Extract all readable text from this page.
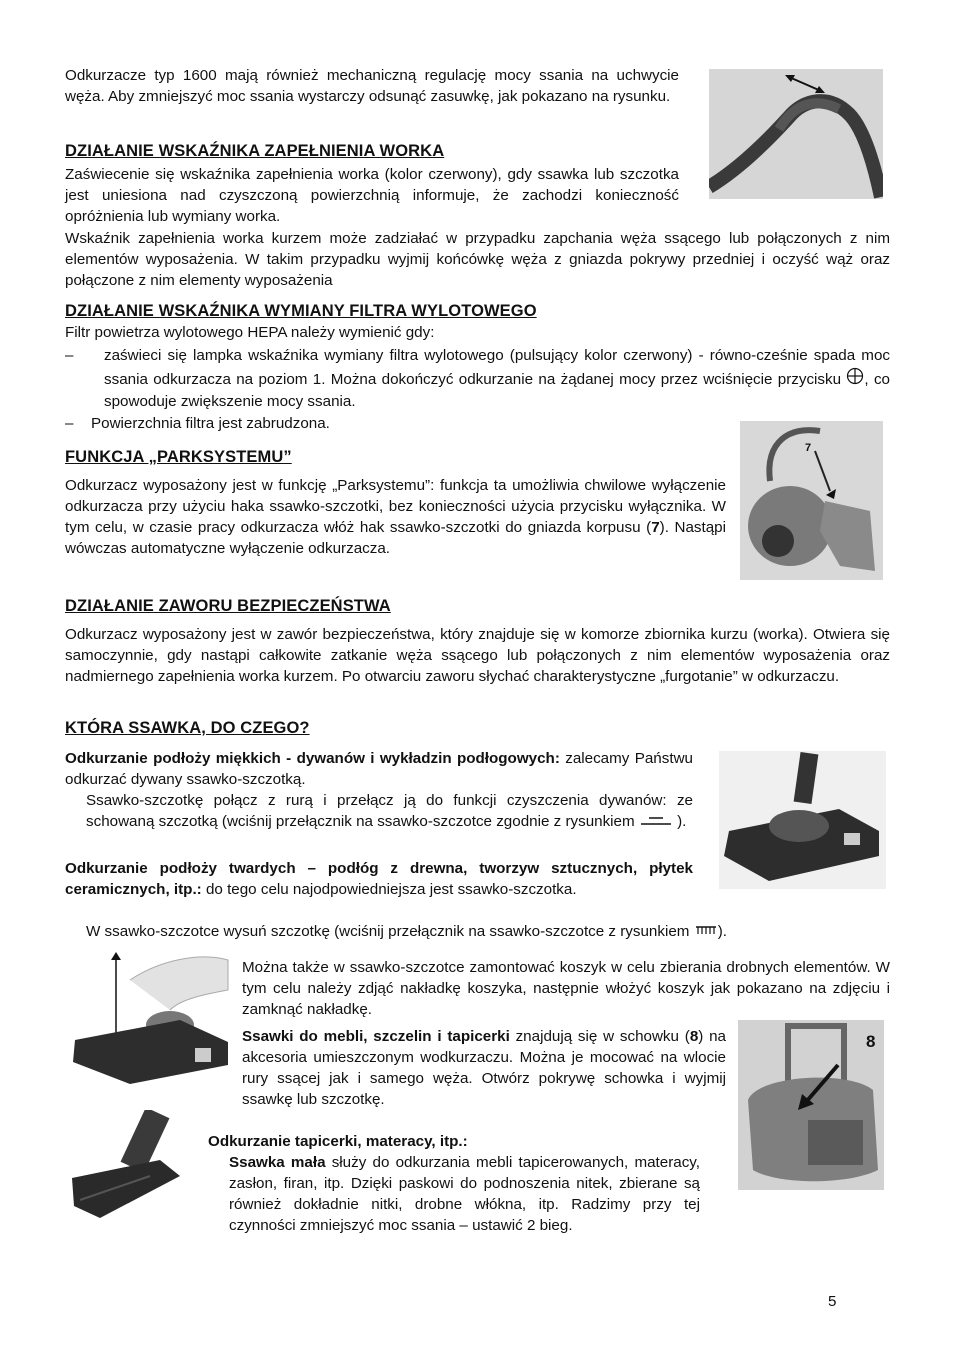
Odkurzacze typ 1600 mają również mechaniczną regulację mocy ssania na uchwycie węża. Aby zmniejszyć moc ssania wystarczy odsunąć zasuwkę, jak pokazano na rysunku.
DZIAŁANIE WSKAŹNIKA ZAPEŁNIENIA WORKA
Zaświecenie się wskaźnika zapełnienia worka (kolor czerwony), gdy ssawka lub szczotka jest uniesiona nad czyszczoną powierzchnią informuje, że zachodzi konieczność opróżnienia lub wymiany worka.
Wskaźnik zapełnienia worka kurzem może zadziałać w przypadku zapchania węża ssącego lub połączonych z nim elementów wyposażenia. W takim przypadku wyjmij końcówkę węża z gniazda pokrywy przedniej i oczyść wąż oraz połączone z nim elementy wyposażenia
DZIAŁANIE WSKAŹNIKA WYMIANY FILTRA WYLOTOWEGO
Filtr powietrza wylotowego HEPA należy wymienić gdy:
– zaświeci się lampka wskaźnika wymiany filtra wylotowego (pulsujący kolor czerwony) - równo-cześnie spada moc ssania odkurzacza na poziom 1. Można dokończyć odkurzanie na żądanej mocy przez wciśnięcie przycisku , co spowoduje zwiększenie mocy ssania.
– Powierzchnia filtra jest zabrudzona.
7
FUNKCJA „PARKSYSTEMU”
Odkurzacz wyposażony jest w funkcję „Parksystemu”: funkcja ta umożliwia chwilowe wyłączenie odkurzacza przy użyciu haka ssawko-szczotki, bez konieczności użycia przycisku wyłącznika. W tym celu, w czasie pracy odkurzacza włóż hak ssawko-szczotki do gniazda korpusu (7). Nastąpi wówczas automatyczne wyłączenie odkurzacza.
DZIAŁANIE ZAWORU BEZPIECZEŃSTWA
Odkurzacz wyposażony jest w zawór bezpieczeństwa, który znajduje się w komorze zbiornika kurzu (worka). Otwiera się samoczynnie, gdy nastąpi całkowite zatkanie węża ssącego lub połączonych z nim elementów wyposażenia oraz nadmiernego zapełnienia worka kurzem. Po otwarciu zaworu słychać charakterystyczne „furgotanie” w odkurzaczu.
KTÓRA SSAWKA, DO CZEGO?
Odkurzanie podłoży miękkich - dywanów i wykładzin podłogowych: zalecamy Państwu odkurzać dywany ssawko-szczotką.
Ssawko-szczotkę połącz z rurą i przełącz ją do funkcji czyszczenia dywanów: ze schowaną szczotką (wciśnij przełącznik na ssawko-szczotce zgodnie z rysunkiem	).
Odkurzanie podłoży twardych – podłóg z drewna, tworzyw sztucznych, płytek ceramicznych, itp.: do tego celu najodpowiedniejsza jest ssawko-szczotka.
W ssawko-szczotce wysuń szczotkę (wciśnij przełącznik na ssawko-szczotce z rysunkiem ).
Można także w ssawko-szczotce zamontować koszyk w celu zbierania drobnych elementów. W tym celu należy zdjąć nakładkę koszyka, następnie włożyć koszyk jak pokazano na zdjęciu i zamknąć nakładkę.
8
Ssawki do mebli, szczelin i tapicerki znajdują się w schowku (8) na akcesoria umieszczonym wodkurzaczu. Można je mocować na wlocie rury ssącej jak i samego węża. Otwórz pokrywę schowka i wyjmij ssawkę lub szczotkę.
Odkurzanie tapicerki, materacy, itp.:
Ssawka mała służy do odkurzania mebli tapicerowanych, materacy, zasłon, firan, itp. Dzięki paskowi do podnoszenia nitek, zbierane są również dokładnie nitki, drobne włókna, itp. Radzimy przy tej czynności zmniejszyć moc ssania – ustawić 2 bieg.
5
